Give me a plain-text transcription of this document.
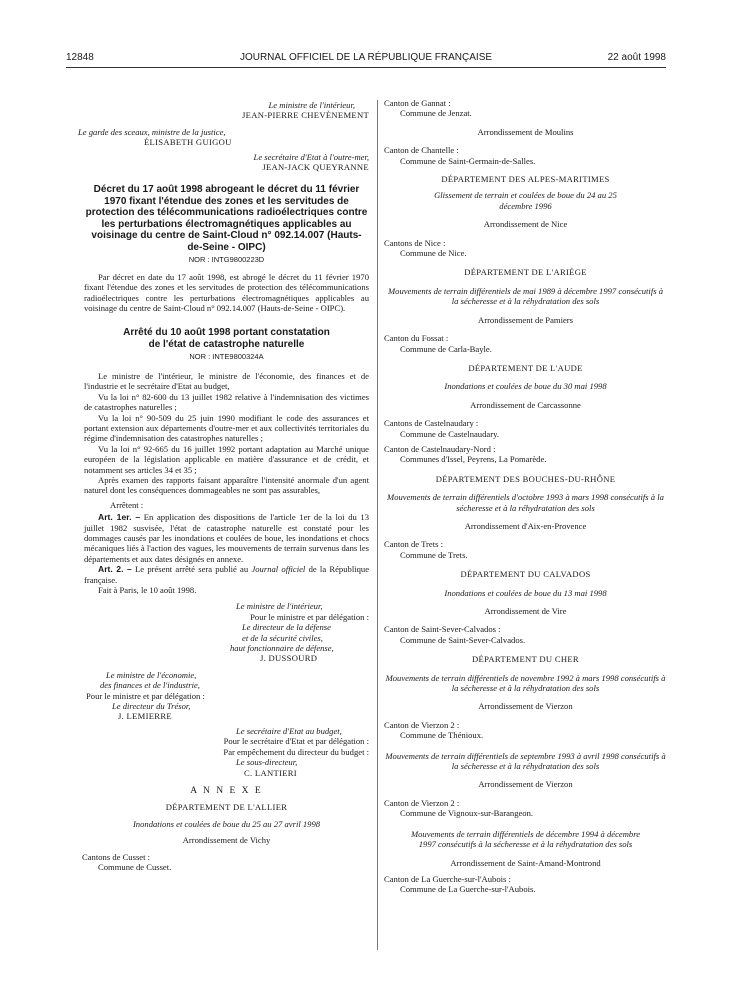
12848	JOURNAL OFFICIEL DE LA RÉPUBLIQUE FRANÇAISE	22 août 1998

Le ministre de l'intérieur,

JEAN-PIERRE CHEVÈNEMENT

Le garde des sceaux, ministre de la justice,

ÉLISABETH GUIGOU

Le secrétaire d'Etat à l'outre-mer,

JEAN-JACK QUEYRANNE

Décret du 17 août 1998 abrogeant le décret du 11 février 1970 fixant l'étendue des zones et les servitudes de protection des télécommunications radioélectriques contre les perturbations électromagnétiques applicables au voisinage du centre de Saint-Cloud n° 092.14.007 (Hauts-de-Seine - OIPC)

NOR : INTG9800223D

Par décret en date du 17 août 1998, est abrogé le décret du 11 février 1970 fixant l'étendue des zones et les servitudes de protection des télécommunications radioélectriques contre les perturbations électromagnétiques applicables au voisinage du centre de Saint-Cloud n° 092.14.007 (Hauts-de-Seine - OIPC).

Arrêté du 10 août 1998 portant constatation de l'état de catastrophe naturelle

NOR : INTE9800324A

Le ministre de l'intérieur, le ministre de l'économie, des finances et de l'industrie et le secrétaire d'Etat au budget,

Vu la loi n° 82-600 du 13 juillet 1982 relative à l'indemnisation des victimes de catastrophes naturelles ;

Vu la loi n° 90-509 du 25 juin 1990 modifiant le code des assurances et portant extension aux départements d'outre-mer et aux collectivités territoriales du régime d'indemnisation des catastrophes naturelles ;

Vu la loi n° 92-665 du 16 juillet 1992 portant adaptation au Marché unique européen de la législation applicable en matière d'assurance et de crédit, et notamment ses articles 34 et 35 ;

Après examen des rapports faisant apparaître l'intensité anormale d'un agent naturel dont les conséquences dommageables ne sont pas assurables,

Arrêtent :

Art. 1er. – En application des dispositions de l'article 1er de la loi du 13 juillet 1982 susvisée, l'état de catastrophe naturelle est constaté pour les dommages causés par les inondations et coulées de boue, les inondations et chocs mécaniques liés à l'action des vagues, les mouvements de terrain survenus dans les départements et aux dates désignés en annexe.

Art. 2. – Le présent arrêté sera publié au Journal officiel de la République française.

Fait à Paris, le 10 août 1998.

Le ministre de l'intérieur,

Pour le ministre et par délégation :

Le directeur de la défense

et de la sécurité civiles,

haut fonctionnaire de défense,

J. DUSSOURD

Le ministre de l'économie,

des finances et de l'industrie,

Pour le ministre et par délégation :

Le directeur du Trésor,

J. LEMIERRE

Le secrétaire d'Etat au budget,

Pour le secrétaire d'Etat et par délégation :

Par empêchement du directeur du budget :

Le sous-directeur,

C. LANTIERI

A N N E X E

DÉPARTEMENT DE L'ALLIER

Inondations et coulées de boue du 25 au 27 avril 1998

Arrondissement de Vichy

Cantons de Cusset :

Commune de Cusset.

Canton de Gannat :

Commune de Jenzat.

Arrondissement de Moulins

Canton de Chantelle :

Commune de Saint-Germain-de-Salles.

DÉPARTEMENT DES ALPES-MARITIMES

Glissement de terrain et coulées de boue du 24 au 25 décembre 1996

Arrondissement de Nice

Cantons de Nice :

Commune de Nice.

DÉPARTEMENT DE L'ARIÈGE

Mouvements de terrain différentiels de mai 1989 à décembre 1997 consécutifs à la sécheresse et à la réhydratation des sols

Arrondissement de Pamiers

Canton du Fossat :

Commune de Carla-Bayle.

DÉPARTEMENT DE L'AUDE

Inondations et coulées de boue du 30 mai 1998

Arrondissement de Carcassonne

Cantons de Castelnaudary :

Commune de Castelnaudary.

Canton de Castelnaudary-Nord :

Communes d'Issel, Peyrens, La Pomarède.

DÉPARTEMENT DES BOUCHES-DU-RHÔNE

Mouvements de terrain différentiels d'octobre 1993 à mars 1998 consécutifs à la sécheresse et à la réhydratation des sols

Arrondissement d'Aix-en-Provence

Canton de Trets :

Commune de Trets.

DÉPARTEMENT DU CALVADOS

Inondations et coulées de boue du 13 mai 1998

Arrondissement de Vire

Canton de Saint-Sever-Calvados :

Commune de Saint-Sever-Calvados.

DÉPARTEMENT DU CHER

Mouvements de terrain différentiels de novembre 1992 à mars 1998 consécutifs à la sécheresse et à la réhydratation des sols

Arrondissement de Vierzon

Canton de Vierzon 2 :

Commune de Thénioux.

Mouvements de terrain différentiels de septembre 1993 à avril 1998 consécutifs à la sécheresse et à la réhydratation des sols

Arrondissement de Vierzon

Canton de Vierzon 2 :

Commune de Vignoux-sur-Barangeon.

Mouvements de terrain différentiels de décembre 1994 à décembre 1997 consécutifs à la sécheresse et à la réhydratation des sols

Arrondissement de Saint-Amand-Montrond

Canton de La Guerche-sur-l'Aubois :

Commune de La Guerche-sur-l'Aubois.
